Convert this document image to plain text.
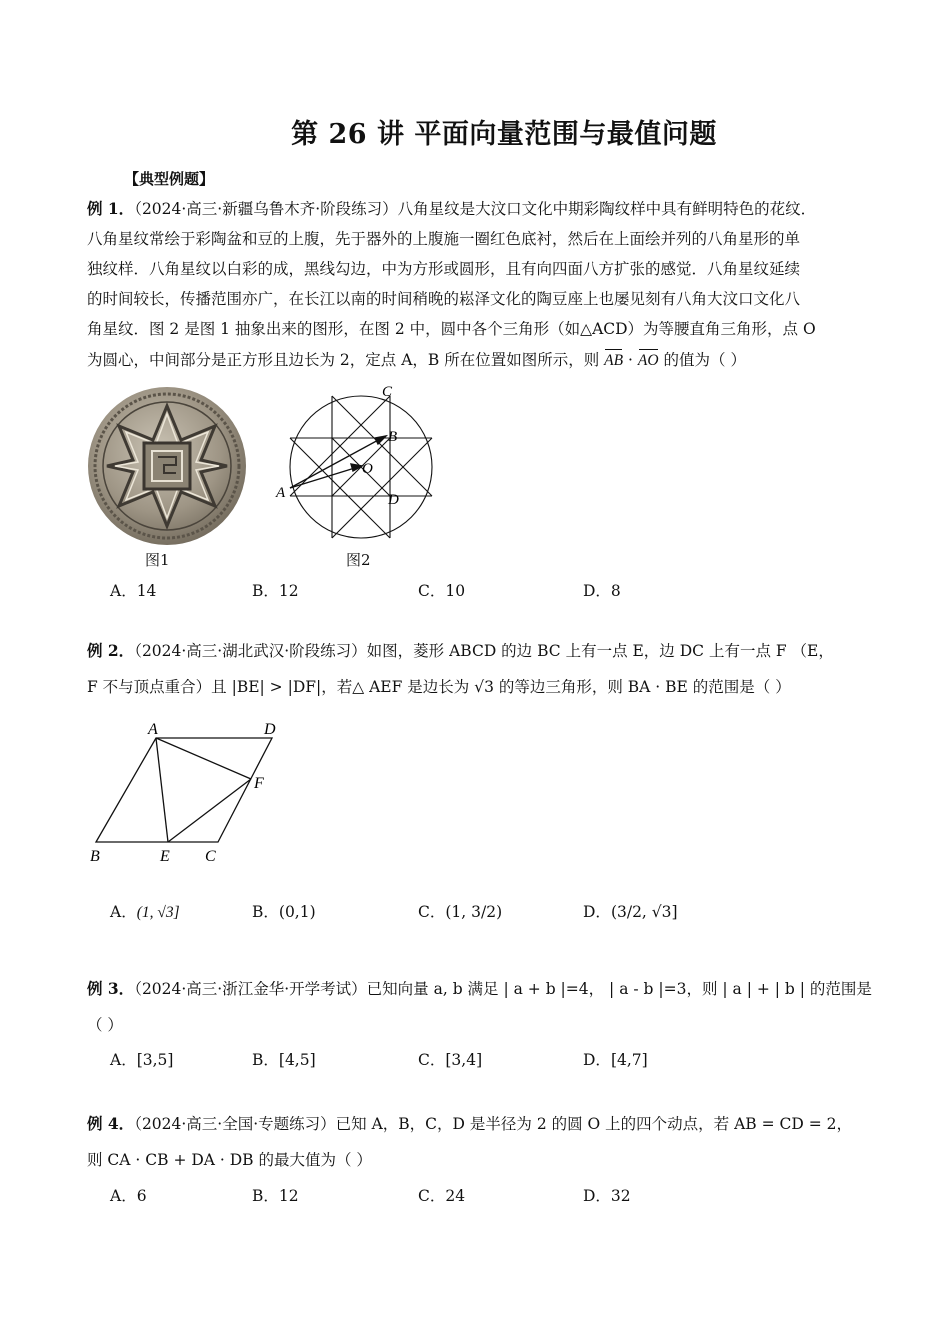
第 26 讲 平面向量范围与最值问题
【典型例题】
例 1．（2024·高三·新疆乌鲁木齐·阶段练习）八角星纹是大汶口文化中期彩陶纹样中具有鲜明特色的花纹．
八角星纹常绘于彩陶盆和豆的上腹，先于器外的上腹施一圈红色底衬，然后在上面绘并列的八角星形的单
独纹样．八角星纹以白彩的成，黑线勾边，中为方形或圆形，且有向四面八方扩张的感觉．八角星纹延续
的时间较长，传播范围亦广，在长江以南的时间稍晚的崧泽文化的陶豆座上也屡见刻有八角大汶口文化八
角星纹．图 2 是图 1 抽象出来的图形，在图 2 中，圆中各个三角形（如△ACD）为等腰直角三角形，点 O
为圆心，中间部分是正方形且边长为 2，定点 A，B 所在位置如图所示，则 AB · AO 的值为（ ）
图1
C
B
O
A	D
图2
A．14	B．12	C．10	D．8
例 2．（2024·高三·湖北武汉·阶段练习）如图，菱形 ABCD 的边 BC 上有一点 E，边 DC 上有一点 F （E，
F 不与顶点重合）且 |BE| > |DF|，若△ AEF 是边长为 √3 的等边三角形，则 BA · BE 的范围是（ ）
A	D
F
B	E C
A．(1, √3]	B．(0,1)	C．(1, 3/2)	D．(3/2, √3]
例 3．（2024·高三·浙江金华·开学考试）已知向量 a, b 满足 | a + b |=4， | a - b |=3，则 | a | + | b | 的范围是
（ ）
A．[3,5]	B．[4,5]	C．[3,4]	D．[4,7]
例 4．（2024·高三·全国·专题练习）已知 A，B，C，D 是半径为 2 的圆 O 上的四个动点，若 AB = CD = 2，
则 CA · CB + DA · DB 的最大值为（ ）
A．6	B．12	C．24	D．32
